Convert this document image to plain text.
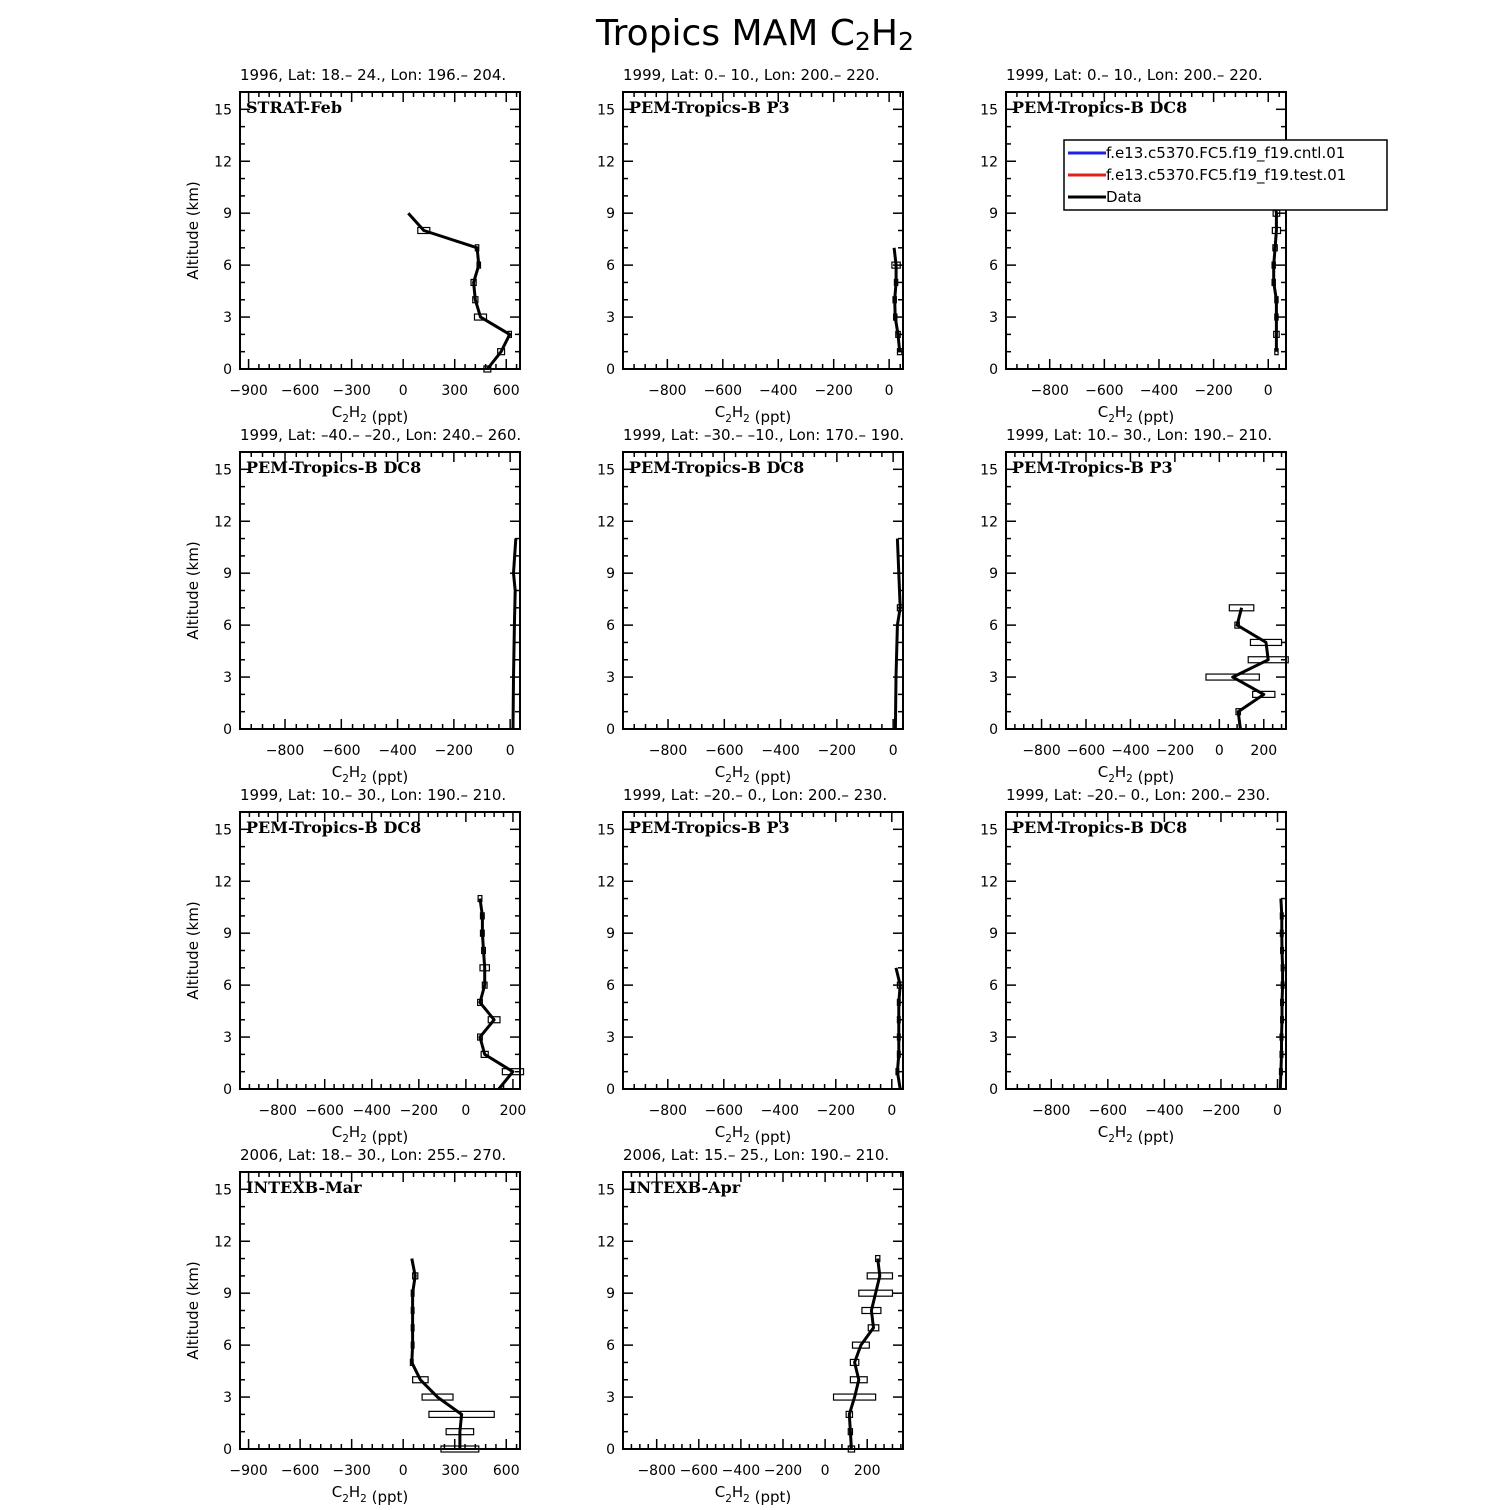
Tropics MAM C2H2
1996, Lat: 18.– 24., Lon: 196.– 204.
0
3
6
9
12
15
−900 −600 −300 0 300 600
$C_2H_2$ (ppt)
Altitude (km)
STRAT-Feb
1999, Lat: 0.– 10., Lon: 200.– 220.
0
3
6
9
12
15
−800 −600 −400 −200 0
$C_2H_2$ (ppt)
PEM-Tropics-B P3
1999, Lat: 0.– 10., Lon: 200.– 220.
0
3
6
9
12
15
−800 −600 −400 −200 0
$C_2H_2$ (ppt)
PEM-Tropics-B DC8
1999, Lat: –40.– –20., Lon: 240.– 260.
0
3
6
9
12
15
−800 −600 −400 −200 0
$C_2H_2$ (ppt)
Altitude (km)
PEM-Tropics-B DC8
1999, Lat: –30.– –10., Lon: 170.– 190.
0
3
6
9
12
15
−800 −600 −400 −200 0
$C_2H_2$ (ppt)
PEM-Tropics-B DC8
1999, Lat: 10.– 30., Lon: 190.– 210.
0
3
6
9
12
15
−800 −600 −400 −200 0 200
$C_2H_2$ (ppt)
PEM-Tropics-B P3
1999, Lat: 10.– 30., Lon: 190.– 210.
0
3
6
9
12
15
−800 −600 −400 −200 0 200
$C_2H_2$ (ppt)
Altitude (km)
PEM-Tropics-B DC8
1999, Lat: –20.– 0., Lon: 200.– 230.
0
3
6
9
12
15
−800 −600 −400 −200 0
$C_2H_2$ (ppt)
PEM-Tropics-B P3
1999, Lat: –20.– 0., Lon: 200.– 230.
0
3
6
9
12
15
−800 −600 −400 −200 0
$C_2H_2$ (ppt)
PEM-Tropics-B DC8
2006, Lat: 18.– 30., Lon: 255.– 270.
0
3
6
9
12
15
−900 −600 −300 0 300 600
$C_2H_2$ (ppt)
Altitude (km)
INTEXB-Mar
2006, Lat: 15.– 25., Lon: 190.– 210.
0
3
6
9
12
15
−800 −600 −400 −200 0 200
$C_2H_2$ (ppt)
INTEXB-Apr
f.e13.c5370.FC5.f19_f19.cntl.01
f.e13.c5370.FC5.f19_f19.test.01
Data
